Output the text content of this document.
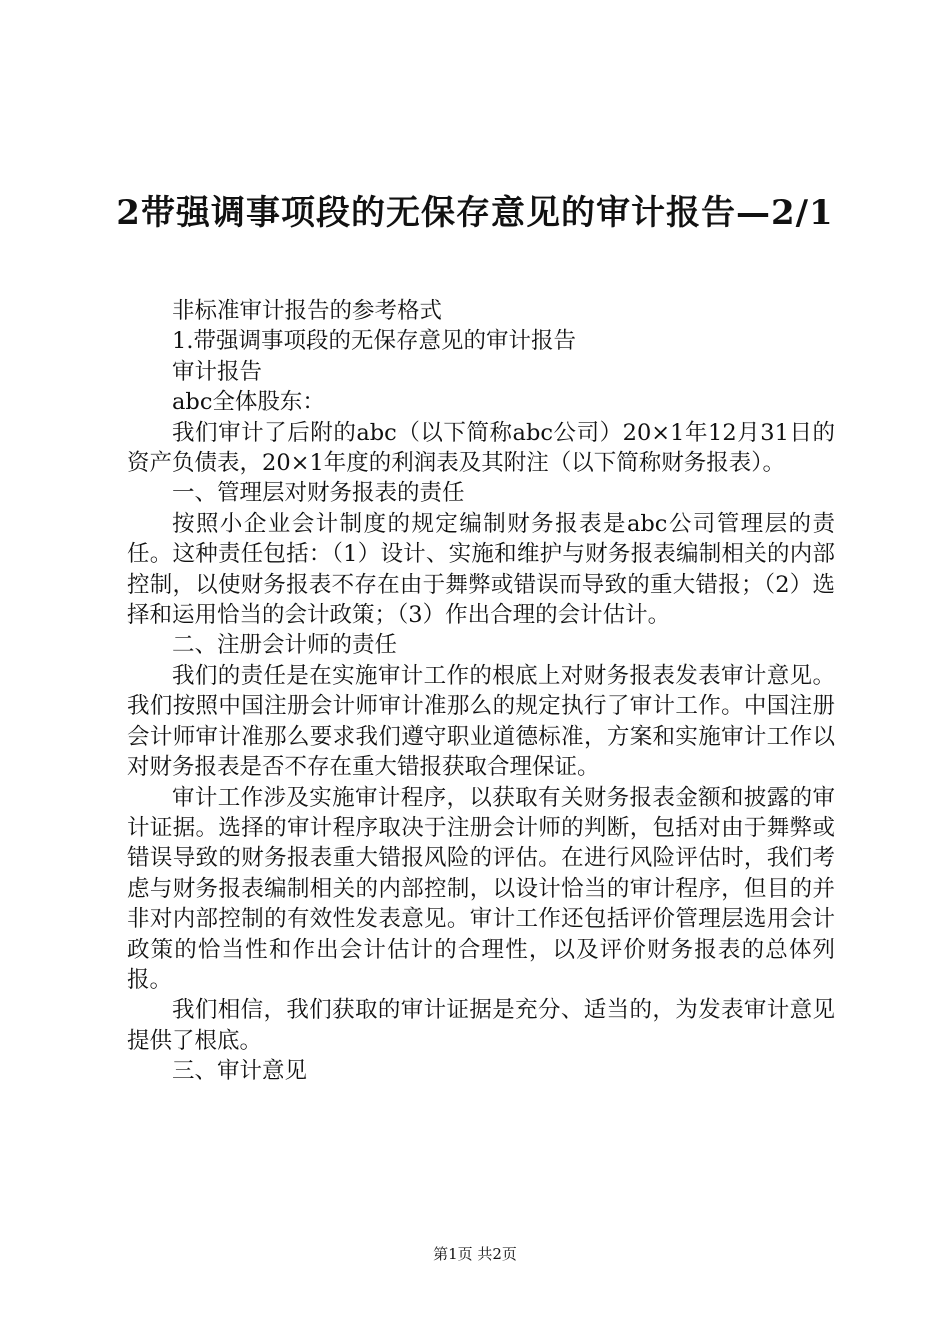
2带强调事项段的无保存意见的审计报告—2/1

非标准审计报告的参考格式

1.带强调事项段的无保存意见的审计报告

审计报告

abc全体股东：

我们审计了后附的abc（以下简称abc公司）20×1年12月31日的资产负债表，20×1年度的利润表及其附注（以下简称财务报表）。

一、管理层对财务报表的责任

按照小企业会计制度的规定编制财务报表是abc公司管理层的责任。这种责任包括：（1）设计、实施和维护与财务报表编制相关的内部控制，以使财务报表不存在由于舞弊或错误而导致的重大错报；（2）选择和运用恰当的会计政策；（3）作出合理的会计估计。

二、注册会计师的责任

我们的责任是在实施审计工作的根底上对财务报表发表审计意见。我们按照中国注册会计师审计准那么的规定执行了审计工作。中国注册会计师审计准那么要求我们遵守职业道德标准，方案和实施审计工作以对财务报表是否不存在重大错报获取合理保证。

审计工作涉及实施审计程序，以获取有关财务报表金额和披露的审计证据。选择的审计程序取决于注册会计师的判断，包括对由于舞弊或错误导致的财务报表重大错报风险的评估。在进行风险评估时，我们考虑与财务报表编制相关的内部控制，以设计恰当的审计程序，但目的并非对内部控制的有效性发表意见。审计工作还包括评价管理层选用会计政策的恰当性和作出会计估计的合理性，以及评价财务报表的总体列报。

我们相信，我们获取的审计证据是充分、适当的，为发表审计意见提供了根底。

三、审计意见

第1页 共2页
